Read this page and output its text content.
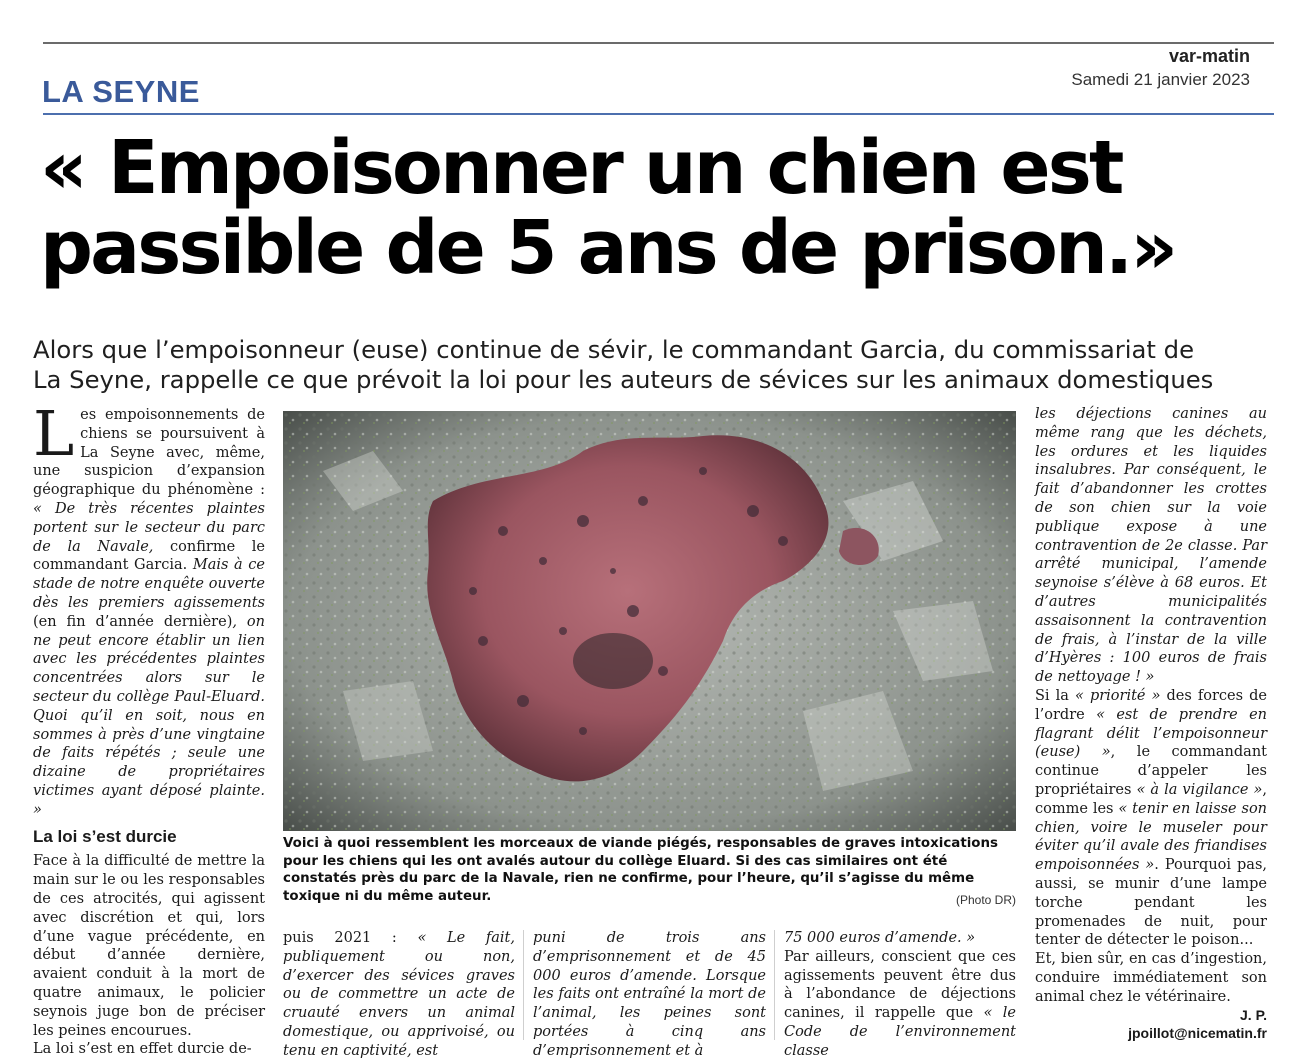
var-matin
Samedi 21 janvier 2023
LA SEYNE
« Empoisonner un chien est
passible de 5 ans de prison.»
Alors que l’empoisonneur (euse) continue de sévir, le commandant Garcia, du commissariat de
La Seyne, rappelle ce que prévoit la loi pour les auteurs de sévices sur les animaux domestiques

Les empoisonnements de chiens se poursuivent à La Seyne avec, même, une suspicion d’expansion géographique du phénomène : « De très récentes plaintes portent sur le secteur du parc de la Navale, confirme le commandant Garcia. Mais à ce stade de notre enquête ouverte dès les premiers agissements (en fin d’année dernière), on ne peut encore établir un lien avec les précédentes plaintes concentrées alors sur le secteur du collège Paul-Eluard. Quoi qu’il en soit, nous en sommes à près d’une vingtaine de faits répétés ; seule une dizaine de propriétaires victimes ayant déposé plainte. »

La loi s’est durcie

Face à la difficulté de mettre la main sur le ou les responsables de ces atrocités, qui agissent avec discrétion et qui, lors d’une vague précédente, en début d’année dernière, avaient conduit à la mort de quatre animaux, le policier seynois juge bon de préciser les peines encourues.

La loi s’est en effet durcie de-

Voici à quoi ressemblent les morceaux de viande piégés, responsables de graves intoxications pour les chiens qui les ont avalés autour du collège Eluard. Si des cas similaires ont été constatés près du parc de la Navale, rien ne confirme, pour l’heure, qu’il s’agisse du même toxique ni du même auteur.	(Photo DR)

puis 2021 : « Le fait, publiquement ou non, d’exercer des sévices graves ou de commettre un acte de cruauté envers un animal domestique, ou apprivoisé, ou tenu en captivité, est

puni de trois ans d’emprisonnement et de 45 000 euros d’amende. Lorsque les faits ont entraîné la mort de l’animal, les peines sont portées à cinq ans d’emprisonnement et à

75 000 euros d’amende. »

Par ailleurs, conscient que ces agissements peuvent être dus à l’abondance de déjections canines, il rappelle que « le Code de l’environnement classe

les déjections canines au même rang que les déchets, les ordures et les liquides insalubres. Par conséquent, le fait d’abandonner les crottes de son chien sur la voie publique expose à une contravention de 2e classe. Par arrêté municipal, l’amende seynoise s’élève à 68 euros. Et d’autres municipalités assaisonnent la contravention de frais, à l’instar de la ville d’Hyères : 100 euros de frais de nettoyage ! »

Si la « priorité » des forces de l’ordre « est de prendre en flagrant délit l’empoisonneur (euse) », le commandant continue d’appeler les propriétaires « à la vigilance », comme les « tenir en laisse son chien, voire le museler pour éviter qu’il avale des friandises empoisonnées ». Pourquoi pas, aussi, se munir d’une lampe torche pendant les promenades de nuit, pour tenter de détecter le poison...

Et, bien sûr, en cas d’ingestion, conduire immédiatement son animal chez le vétérinaire.

J. P.
jpoillot@nicematin.fr
